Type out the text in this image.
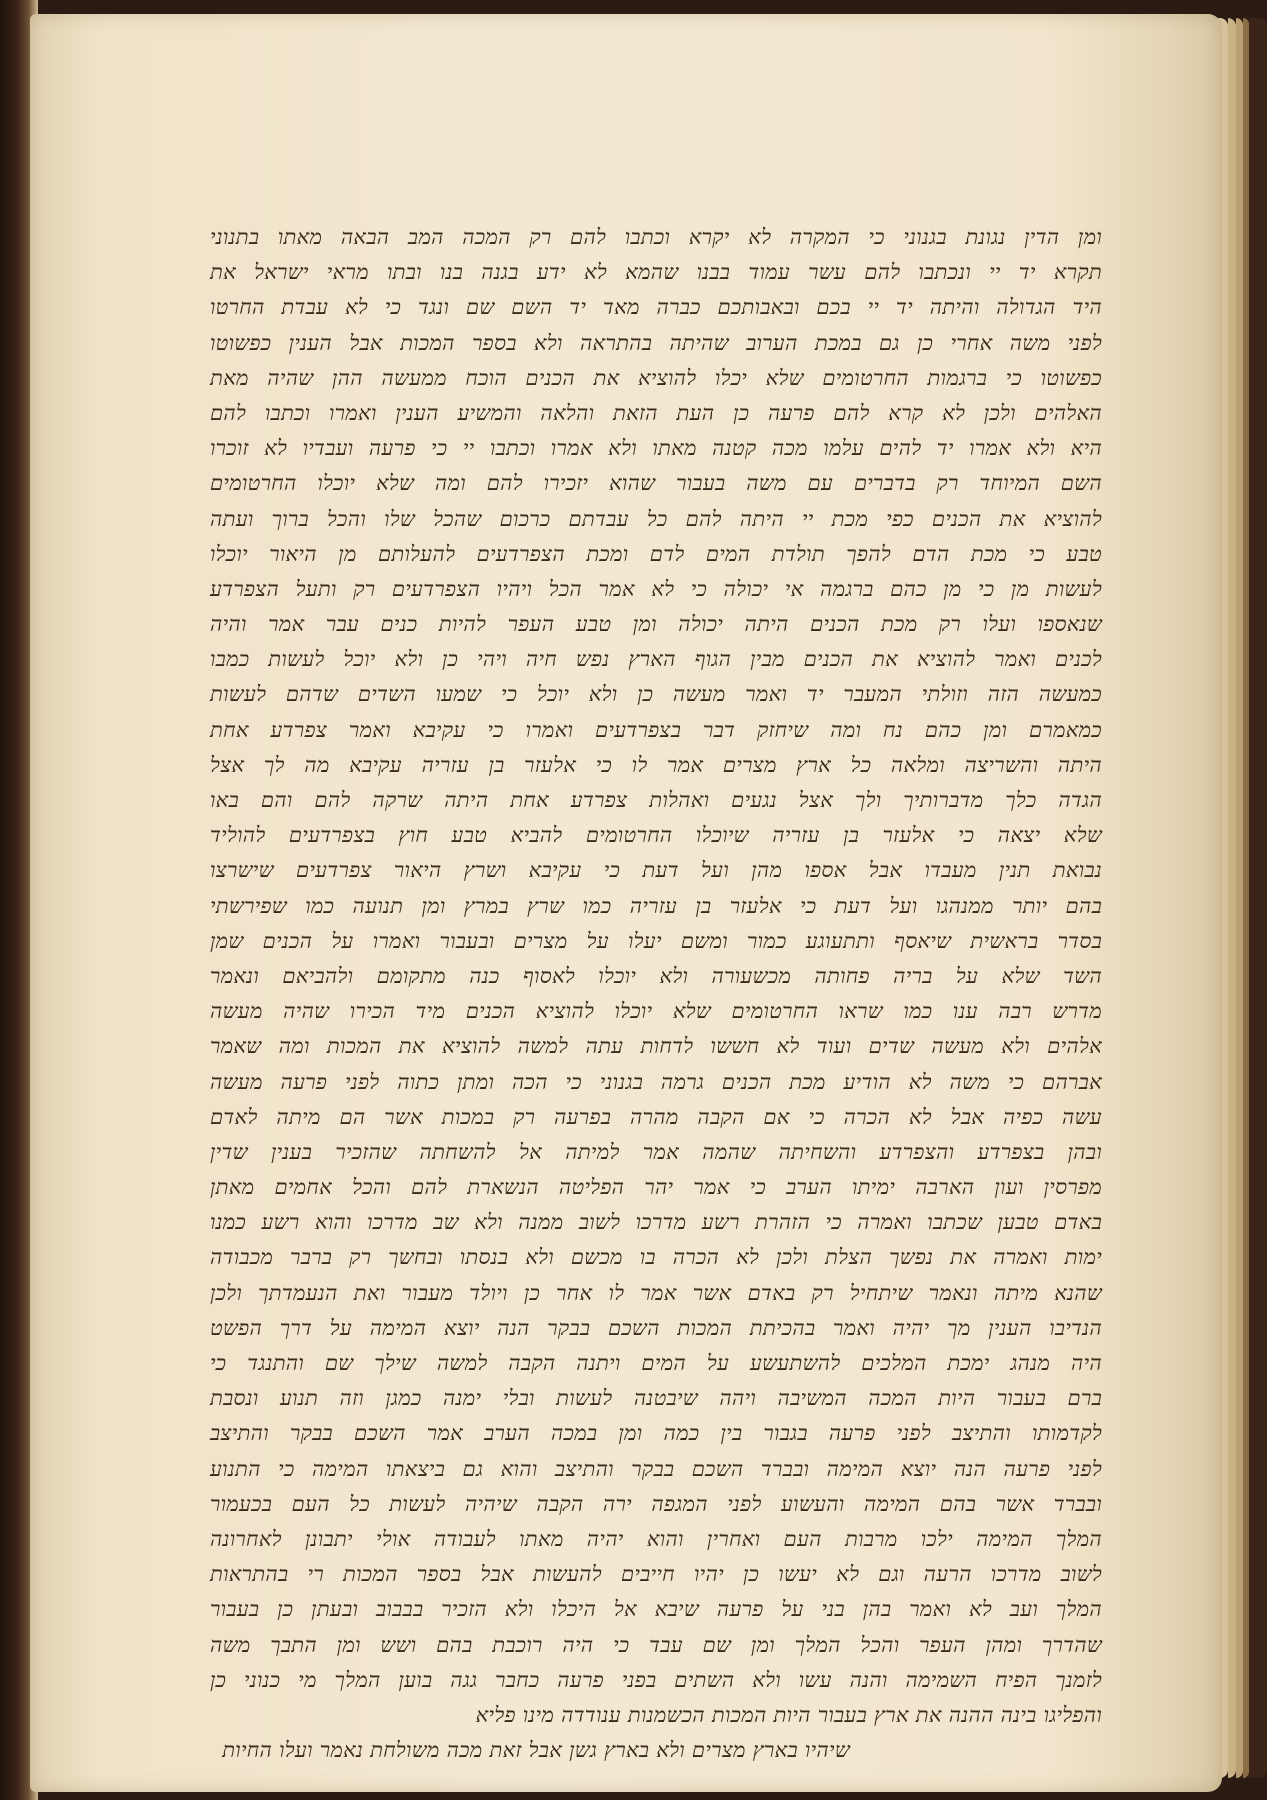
ומן הדין נגונת בגנוני כי המקרה לא יקרא וכתבו להם רק המכה המב הבאה מאתו בתנוני
תקרא יד יי ונכתבו להם עשר עמוד בבנו שהמא לא ידע בגנה בנו ובתו מראי ישראל את
היד הגדולה והיתה יד יי בכם ובאבותכם כברה מאד יד השם שם ונגד כי לא עבדת החרטו
לפני משה אחרי כן גם במכת הערוב שהיתה בהתראה ולא בספר המכות אבל הענין כפשוטו
כפשוטו כי ברגמות החרטומים שלא יכלו להוציא את הכנים הוכח ממעשה ההן שהיה מאת
האלהים ולכן לא קרא להם פרעה כן העת הזאת והלאה והמשיע הענין ואמרו וכתבו להם
היא ולא אמרו יד להים עלמו מכה קטנה מאתו ולא אמרו וכתבו יי כי פרעה ועבדיו לא זוכרו
השם המיוחד רק בדברים עם משה בעבור שהוא יזכירו להם ומה שלא יוכלו החרטומים
להוציא את הכנים כפי מכת יי היתה להם כל עבדתם כרכום שהכל שלו והכל ברוך ועתה
טבע כי מכת הדם להפך תולדת המים לדם ומכת הצפרדעים להעלותם מן היאור יוכלו
לעשות מן כי מן כהם ברגמה אי יכולה כי לא אמר הכל ויהיו הצפרדעים רק ותעל הצפרדע
שנאספו ועלו רק מכת הכנים היתה יכולה ומן טבע העפר להיות כנים עבר אמר והיה
לכנים ואמר להוציא את הכנים מבין הגוף הארץ נפש חיה ויהי כן ולא יוכל לעשות כמבו
כמעשה הזה וזולתי המעבר יד ואמר מעשה כן ולא יוכל כי שמעו השדים שדהם לעשות
כמאמרם ומן כהם נח ומה שיחזק דבר בצפרדעים ואמרו כי עקיבא ואמר צפרדע אחת
היתה והשריצה ומלאה כל ארץ מצרים אמר לו כי אלעזר בן עזריה עקיבא מה לך אצל
הגדה כלך מדברותיך ולך אצל נגעים ואהלות צפרדע אחת היתה שרקה להם והם באו
שלא יצאה כי אלעזר בן עזריה שיוכלו החרטומים להביא טבע חוץ בצפרדעים להוליד
נבואת תנין מעבדו אבל אספו מהן ועל דעת כי עקיבא ושרץ היאור צפרדעים שישרצו
בהם יותר ממנהגו ועל דעת כי אלעזר בן עזריה כמו שרץ במרץ ומן תנועה כמו שפירשתי
בסדר בראשית שיאסף ותתעוגע כמור ומשם יעלו על מצרים ובעבור ואמרו על הכנים שמן
השד שלא על בריה פחותה מכשעורה ולא יוכלו לאסוף כנה מתקומם ולהביאם ונאמר
מדרש רבה ענו כמו שראו החרטומים שלא יוכלו להוציא הכנים מיד הכירו שהיה מעשה
אלהים ולא מעשה שדים ועוד לא חששו לדחות עתה למשה להוציא את המכות ומה שאמר
אברהם כי משה לא הודיע מכת הכנים גרמה בגנוני כי הכה ומתן כתוה לפני פרעה מעשה
עשה כפיה אבל לא הכרה כי אם הקבה מהרה בפרעה רק במכות אשר הם מיתה לאדם
ובהן בצפרדע והצפרדע והשחיתה שהמה אמר למיתה אל להשחתה שהזכיר בענין שדין
מפרסין ועון הארבה ימיתו הערב כי אמר יהר הפליטה הנשארת להם והכל אחמים מאתן
באדם טבען שכתבו ואמרה כי הזהרת רשע מדרכו לשוב ממנה ולא שב מדרכו והוא רשע כמנו
ימות ואמרה את נפשך הצלת ולכן לא הכרה בו מכשם ולא בנסתו ובחשך רק ברבר מכבודה
שהנא מיתה ונאמר שיתחיל רק באדם אשר אמר לו אחר כן ויולד מעבור ואת הנעמדתך ולכן
הנדיבו הענין מך יהיה ואמר בהכיתת המכות השכם בבקר הנה יוצא המימה על דרך הפשט
היה מנהג ימכת המלכים להשתעשע על המים ויתנה הקבה למשה שילך שם והתנגד כי
ברם בעבור היות המכה המשיבה ויהה שיבטנה לעשות ובלי ימנה כמגן וזה תנוע ונסבת
לקדמותו והתיצב לפני פרעה בגבור בין כמה ומן במכה הערב אמר השכם בבקר והתיצב
לפני פרעה הנה יוצא המימה ובברד השכם בבקר והתיצב והוא גם ביצאתו המימה כי התנוע
ובברד אשר בהם המימה והעשוע לפני המגפה ירה הקבה שיהיה לעשות כל העם בכעמור
המלך המימה ילכו מרבות העם ואחרין והוא יהיה מאתו לעבודה אולי יתבונן לאחרונה
לשוב מדרכו הרעה וגם לא יעשו כן יהיו חייבים להעשות אבל בספר המכות רי בהתראות
המלך ועב לא ואמר בהן בני על פרעה שיבא אל היכלו ולא הזכיר בבבוב ובעתן כן בעבור
שהדרך ומהן העפר והכל המלך ומן שם עבד כי היה רוכבת בהם ושש ומן התבך משה
לזמנך הפיח השמימה והנה עשו ולא השתים בפני פרעה כחבר גגה בוען המלך מי כנוני כן
והפליגו בינה ההנה את ארץ בעבור היות המכות הכשמנות ענודדה מינו פליא
שיהיו בארץ מצרים ולא בארץ גשן אבל זאת מכה משולחת נאמר ועלו החיות
